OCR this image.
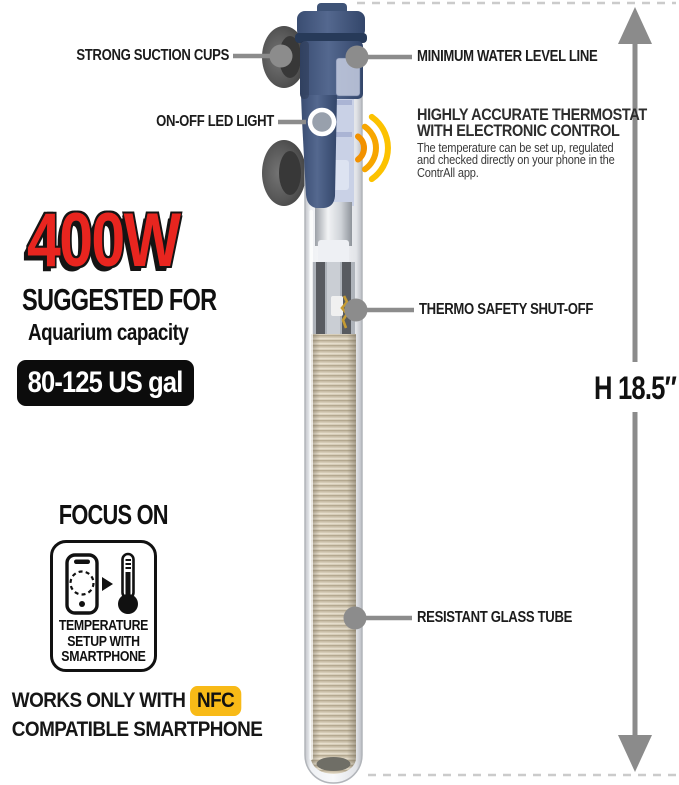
STRONG SUCTION CUPS
ON-OFF LED LIGHT
MINIMUM WATER LEVEL LINE
HIGHLY ACCURATE THERMOSTAT
WITH ELECTRONIC CONTROL
The temperature can be set up, regulated
and checked directly on your phone in the
ContrAll app.
THERMO SAFETY SHUT-OFF
RESISTANT GLASS TUBE
H 18.5″
400W
SUGGESTED FOR
Aquarium capacity
80-125 US gal
FOCUS ON
TEMPERATURE
SETUP WITH
SMARTPHONE
WORKS ONLY WITH NFC
COMPATIBLE SMARTPHONE
